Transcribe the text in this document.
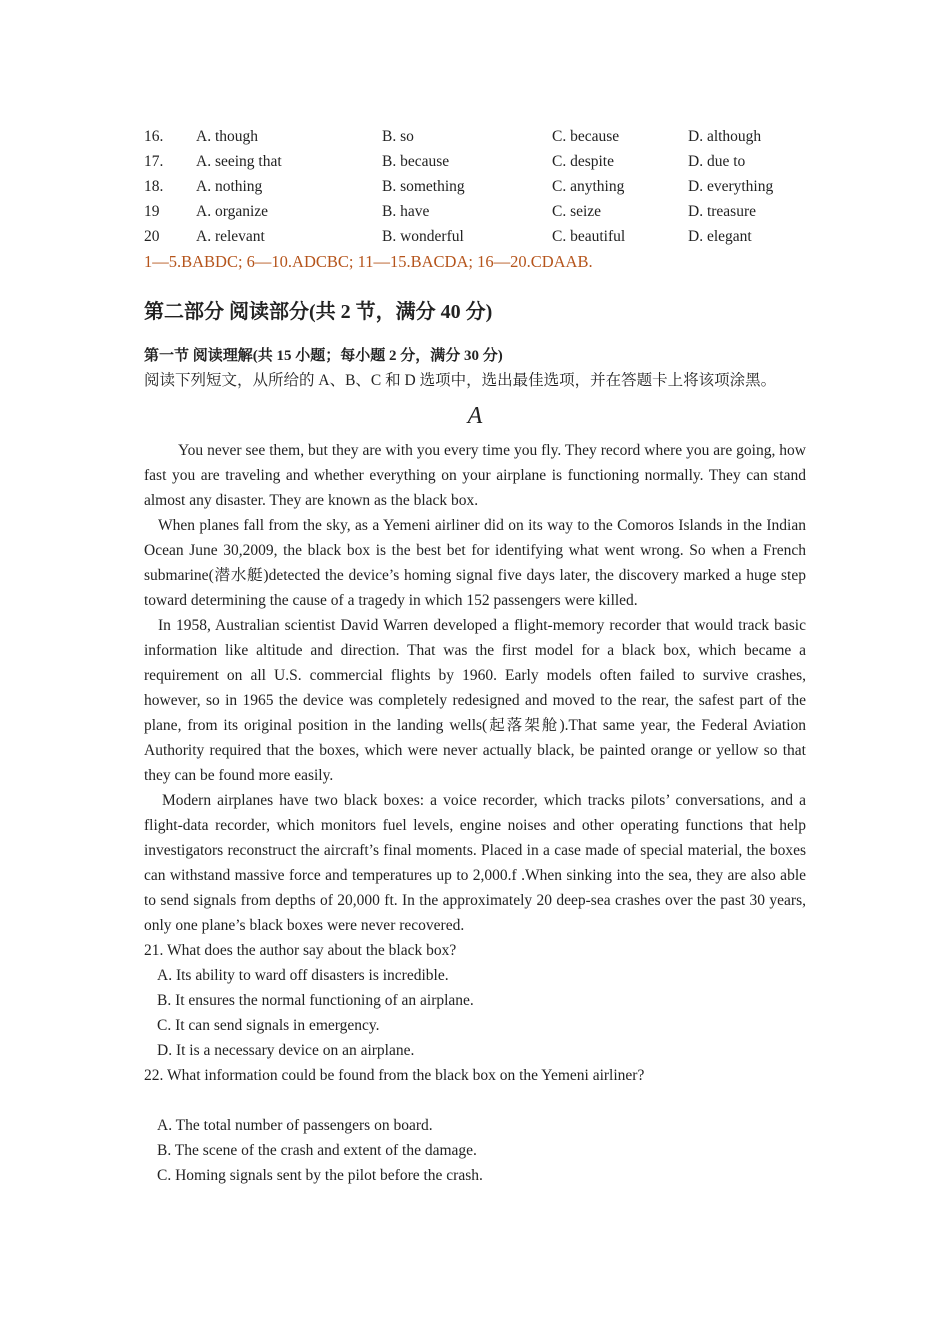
16. A. though	B. so	C. because	D. although
17. A. seeing that	B. because	C. despite	D. due to
18. A. nothing	B. something	C. anything	D. everything
19 A. organize	B. have	C. seize	D. treasure
20 A. relevant	B. wonderful	C. beautiful	D. elegant
1—5.BABDC; 6—10.ADCBC; 11—15.BACDA; 16—20.CDAAB.
第二部分 阅读部分(共 2 节，满分 40 分)
第一节 阅读理解(共 15 小题；每小题 2 分，满分 30 分)
阅读下列短文，从所给的 A、B、C 和 D 选项中，选出最佳选项，并在答题卡上将该项涂黑。
A

You never see them, but they are with you every time you fly. They record where you are going, how fast you are traveling and whether everything on your airplane is functioning normally. They can stand almost any disaster. They are known as the black box.

When planes fall from the sky, as a Yemeni airliner did on its way to the Comoros Islands in the Indian Ocean June 30,2009, the black box is the best bet for identifying what went wrong. So when a French submarine(潜水艇)detected the device’s homing signal five days later, the discovery marked a huge step toward determining the cause of a tragedy in which 152 passengers were killed.

In 1958, Australian scientist David Warren developed a flight-memory recorder that would track basic information like altitude and direction. That was the first model for a black box, which became a requirement on all U.S. commercial flights by 1960. Early models often failed to survive crashes, however, so in 1965 the device was completely redesigned and moved to the rear, the safest part of the plane, from its original position in the landing wells(起落架舱).That same year, the Federal Aviation Authority required that the boxes, which were never actually black, be painted orange or yellow so that they can be found more easily.

Modern airplanes have two black boxes: a voice recorder, which tracks pilots’ conversations, and a flight-data recorder, which monitors fuel levels, engine noises and other operating functions that help investigators reconstruct the aircraft’s final moments. Placed in a case made of special material, the boxes can withstand massive force and temperatures up to 2,000.f .When sinking into the sea, they are also able to send signals from depths of 20,000 ft. In the approximately 20 deep-sea crashes over the past 30 years, only one plane’s black boxes were never recovered.

21. What does the author say about the black box?
A. Its ability to ward off disasters is incredible.
B. It ensures the normal functioning of an airplane.
C. It can send signals in emergency.
D. It is a necessary device on an airplane.
22. What information could be found from the black box on the Yemeni airliner?
A. The total number of passengers on board.
B. The scene of the crash and extent of the damage.
C. Homing signals sent by the pilot before the crash.
